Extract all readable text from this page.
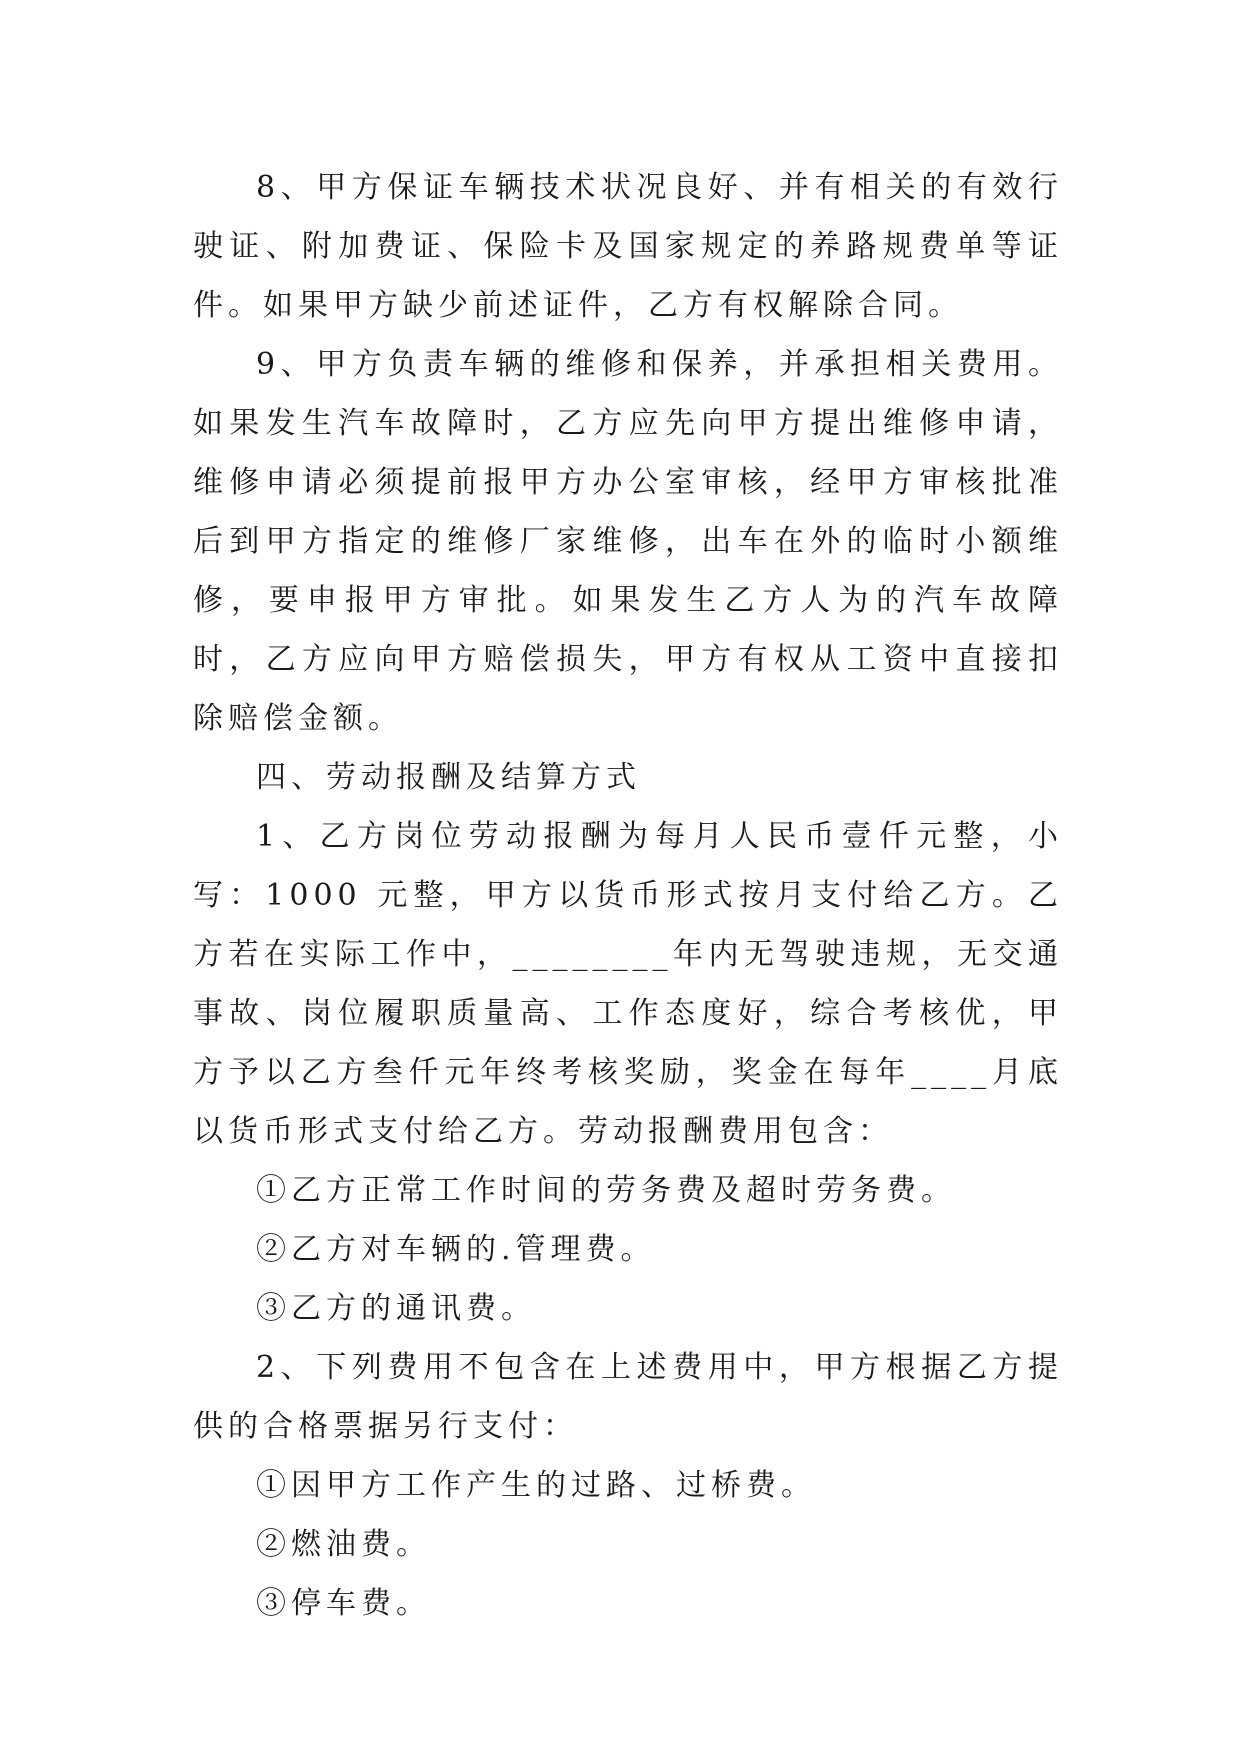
8、甲方保证车辆技术状况良好、并有相关的有效行驶证、附加费证、保险卡及国家规定的养路规费单等证件。如果甲方缺少前述证件，乙方有权解除合同。

9、甲方负责车辆的维修和保养，并承担相关费用。如果发生汽车故障时，乙方应先向甲方提出维修申请，维修申请必须提前报甲方办公室审核，经甲方审核批准后到甲方指定的维修厂家维修，出车在外的临时小额维修，要申报甲方审批。如果发生乙方人为的汽车故障时，乙方应向甲方赔偿损失，甲方有权从工资中直接扣除赔偿金额。

四、劳动报酬及结算方式

1、乙方岗位劳动报酬为每月人民币壹仟元整，小写：1000 元整，甲方以货币形式按月支付给乙方。乙方若在实际工作中，________年内无驾驶违规，无交通事故、岗位履职质量高、工作态度好，综合考核优，甲方予以乙方叁仟元年终考核奖励，奖金在每年____月底以货币形式支付给乙方。劳动报酬费用包含：

①乙方正常工作时间的劳务费及超时劳务费。

②乙方对车辆的.管理费。

③乙方的通讯费。

2、下列费用不包含在上述费用中，甲方根据乙方提供的合格票据另行支付：

①因甲方工作产生的过路、过桥费。

②燃油费。

③停车费。
